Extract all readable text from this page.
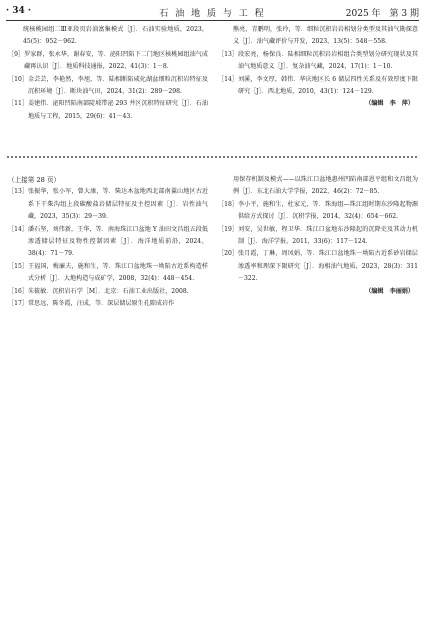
· 34 ·	石 油 地 质 与 工 程	2025 年　第 3 期
统核桃园组二Ⅲ亚段页岩油富集模式［J］．石油实验地质，2023，45(5)：952－962.
［9］ 罗家群，张永华，谢春安，等．泌阳凹陷下二门地区核桃园组油气成藏再认识［J］．地质科技通报，2022，41(3)：1－8.
［10］ 金芸芸，李艳然，李旭，等．陆相断陷咸化湖盆细粒沉积岩特征及沉积环境［J］．断块油气田，2024，31(2)：289－298.
［11］ 姜建伟．泌阳凹陷南部陡坡带泌 293 井区沉积特征研究［J］．石油地质与工程，2015，29(6)：41－43.
熊亮，青鹏明，张玲，等．细粒沉积岩岩相划分类型及其油气勘探意义［J］．油气藏评价与开发，2023，13(5)：548－558.
［13］ 段宏亮，杨保良．陆相细粒沉积岩岩相组合类型划分研究现状及其油气地质意义［J］．复杂油气藏，2024，17(1)：1－10.
［14］ 刘溪，李文厚，韩伟．华庆地区长 6 储层四性关系及有效厚度下限研究［J］．西北地质，2010，43(1)：124－129.
（编辑　李　萍）
（上接第 28 页）
［13］ 张振华，张小军，曾大康，等．柴达木盆地西北部南翼山地区古近系下干柴沟组上段碳酸盐岩储层特征及主控因素［J］．岩性油气藏，2023，35(3)：29－39.
［14］ 潘石坚，刘伟新，王华，等．南海珠江口盆地 Y 油田文昌组五段低渗透储层特征及物性控制因素［J］．海洋地质前沿，2024，38(4)：71－79.
［15］ 王福国，梅廉夫，施和生，等．珠江口盆地珠一坳陷古近系构造样式分析［J］．大地构造与成矿学，2008，32(4)：448－454.
［16］ 朱筱敏．沉积岩石学［M］．北京：石油工业出版社，2008.
［17］ 常思远，陈冬霞，汪成，等．深层储层原生孔隙成岩作
用保存机制及模式——以珠江口盆地惠州凹陷南部恩平组和文昌组为例［J］．东北石油大学学报，2022，46(2)：72－85.
［18］ 李小平，施和生，杜家元，等．珠海组—珠江组时期东沙隆起物源供给方式探讨［J］．沉积学报，2014，32(4)：654－662.
［19］ 刘安，吴世敏，程卫华．珠江口盆地东沙隆起的沉降史及其动力机制［J］．海洋学报，2011，33(6)：117－124.
［20］ 张月霞，丁琳，周凤娟，等．珠江口盆地珠一坳陷古近系砂岩储层渗透率和理深下限研究［J］．海相油气地质，2023，28(3)：311－322.
（编辑　李丽娟）
